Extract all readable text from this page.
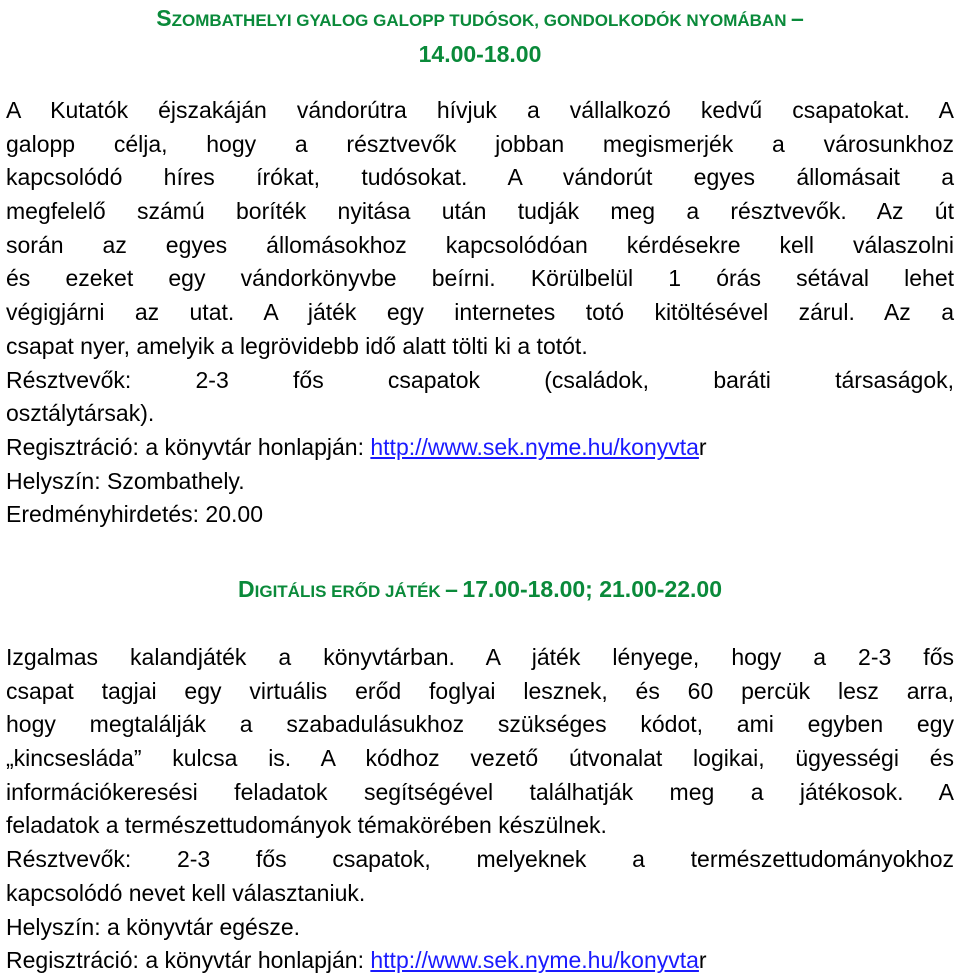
SZOMBATHELYI GYALOG GALOPP TUDÓSOK, GONDOLKODÓK NYOMÁBAN –
14.00-18.00
A Kutatók éjszakáján vándorútra hívjuk a vállalkozó kedvű csapatokat. A
galopp célja, hogy a résztvevők jobban megismerjék a városunkhoz
kapcsolódó híres írókat, tudósokat. A vándorút egyes állomásait a
megfelelő számú boríték nyitása után tudják meg a résztvevők. Az út
során az egyes állomásokhoz kapcsolódóan kérdésekre kell válaszolni
és ezeket egy vándorkönyvbe beírni. Körülbelül 1 órás sétával lehet
végigjárni az utat. A játék egy internetes totó kitöltésével zárul. Az a
csapat nyer, amelyik a legrövidebb idő alatt tölti ki a totót.
Résztvevők: 2-3 fős csapatok (családok, baráti társaságok,
osztálytársak).
Regisztráció: a könyvtár honlapján: http://www.sek.nyme.hu/konyvtar
Helyszín: Szombathely.
Eredményhirdetés: 20.00
DIGITÁLIS ERŐD JÁTÉK – 17.00-18.00; 21.00-22.00
Izgalmas kalandjáték a könyvtárban. A játék lényege, hogy a 2-3 fős
csapat tagjai egy virtuális erőd foglyai lesznek, és 60 percük lesz arra,
hogy megtalálják a szabadulásukhoz szükséges kódot, ami egyben egy
„kincsesláda” kulcsa is. A kódhoz vezető útvonalat logikai, ügyességi és
információkeresési feladatok segítségével találhatják meg a játékosok. A
feladatok a természettudományok témakörében készülnek.
Résztvevők: 2-3 fős csapatok, melyeknek a természettudományokhoz
kapcsolódó nevet kell választaniuk.
Helyszín: a könyvtár egésze.
Regisztráció: a könyvtár honlapján: http://www.sek.nyme.hu/konyvtar
